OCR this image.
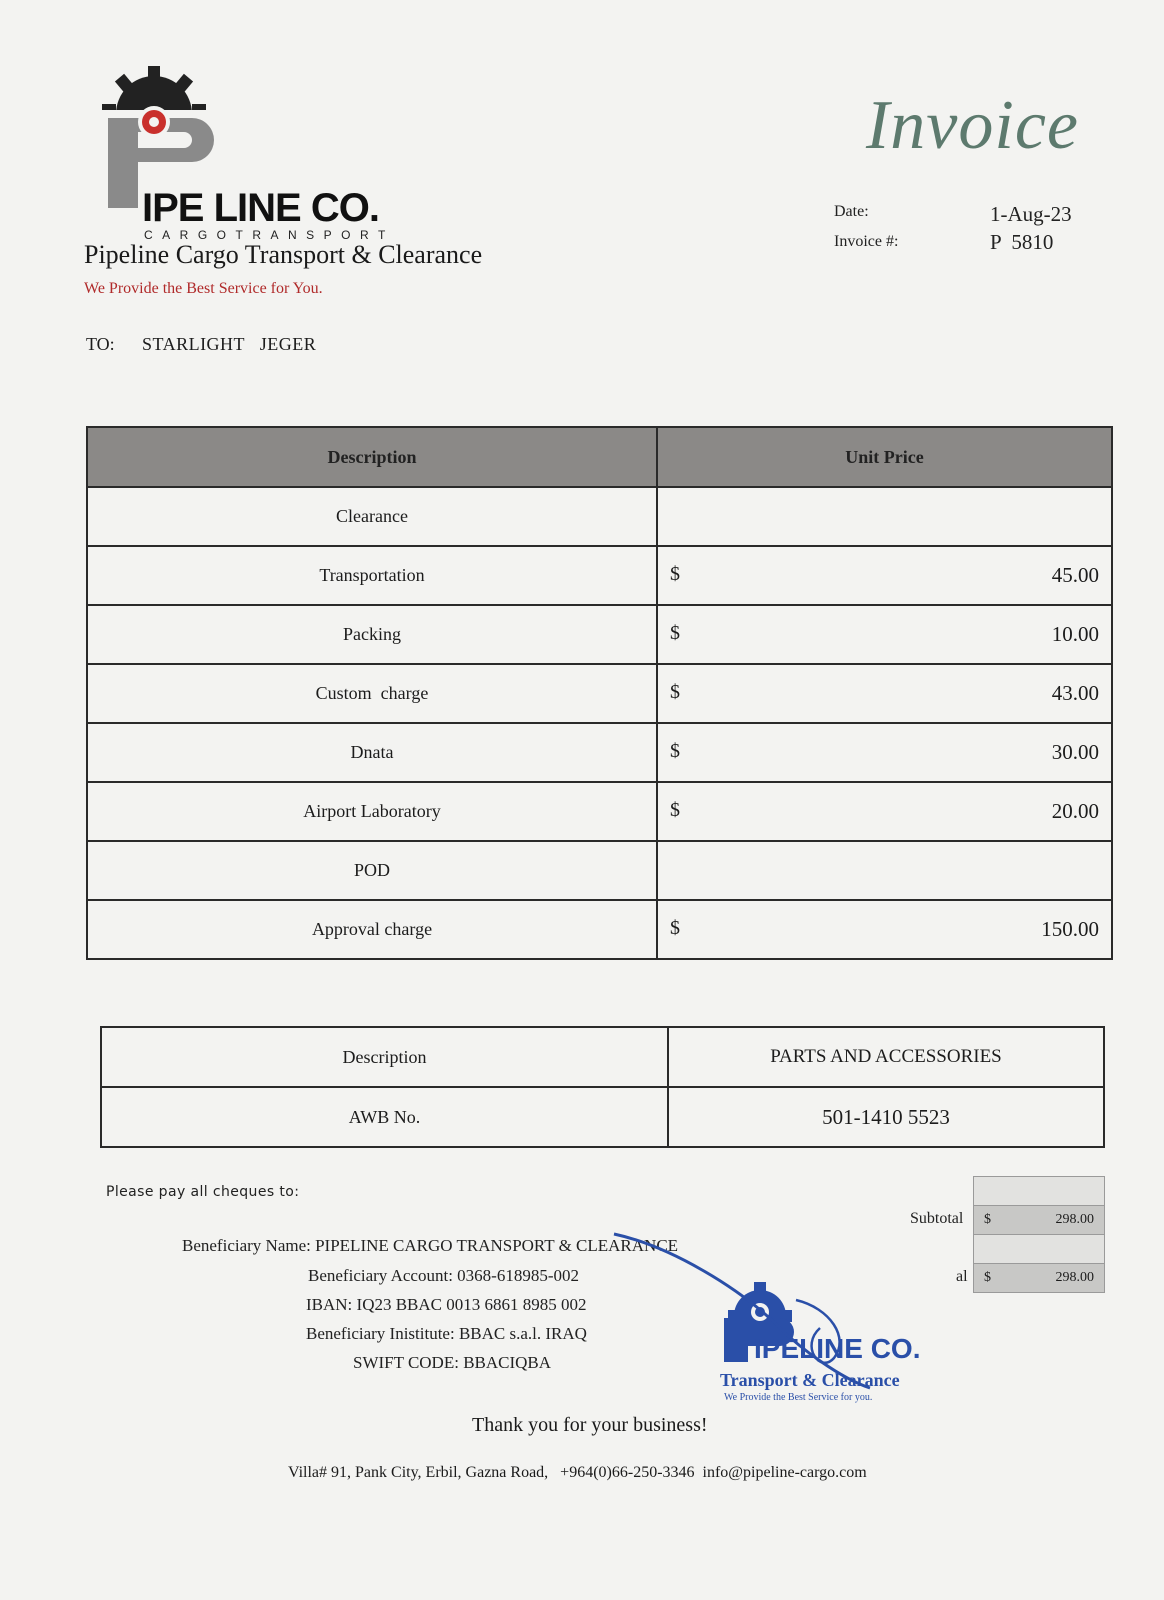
IPE LINE CO.
CARGOTRANSPORT
Pipeline Cargo Transport & Clearance
We Provide the Best Service for You.
Invoice
Date:	1-Aug-23
Invoice #:	P  5810
TO: STARLIGHT   JEGER
Description	Unit Price
Clearance	

Transportation	$ 45.00

Packing	$ 10.00

Custom  charge	$ 43.00

Dnata	$ 30.00

Airport Laboratory	$ 20.00

POD	

Approval charge	$ 150.00
Description	PARTS AND ACCESSORIES
AWB No.	501-1410 5523
Please pay all cheques to:
Beneficiary Name: PIPELINE CARGO TRANSPORT & CLEARANCE
Beneficiary Account: 0368-618985-002
IBAN: IQ23 BBAC 0013 6861 8985 002
Beneficiary Inistitute: BBAC s.a.l. IRAQ
SWIFT CODE: BBACIQBA
Subtotal $	298.00
al $	298.00
IPELINE CO.
Transport & Clearance
We Provide the Best Service for you.
Thank you for your business!
Villa# 91, Pank City, Erbil, Gazna Road,   +964(0)66-250-3346  info@pipeline-cargo.com
